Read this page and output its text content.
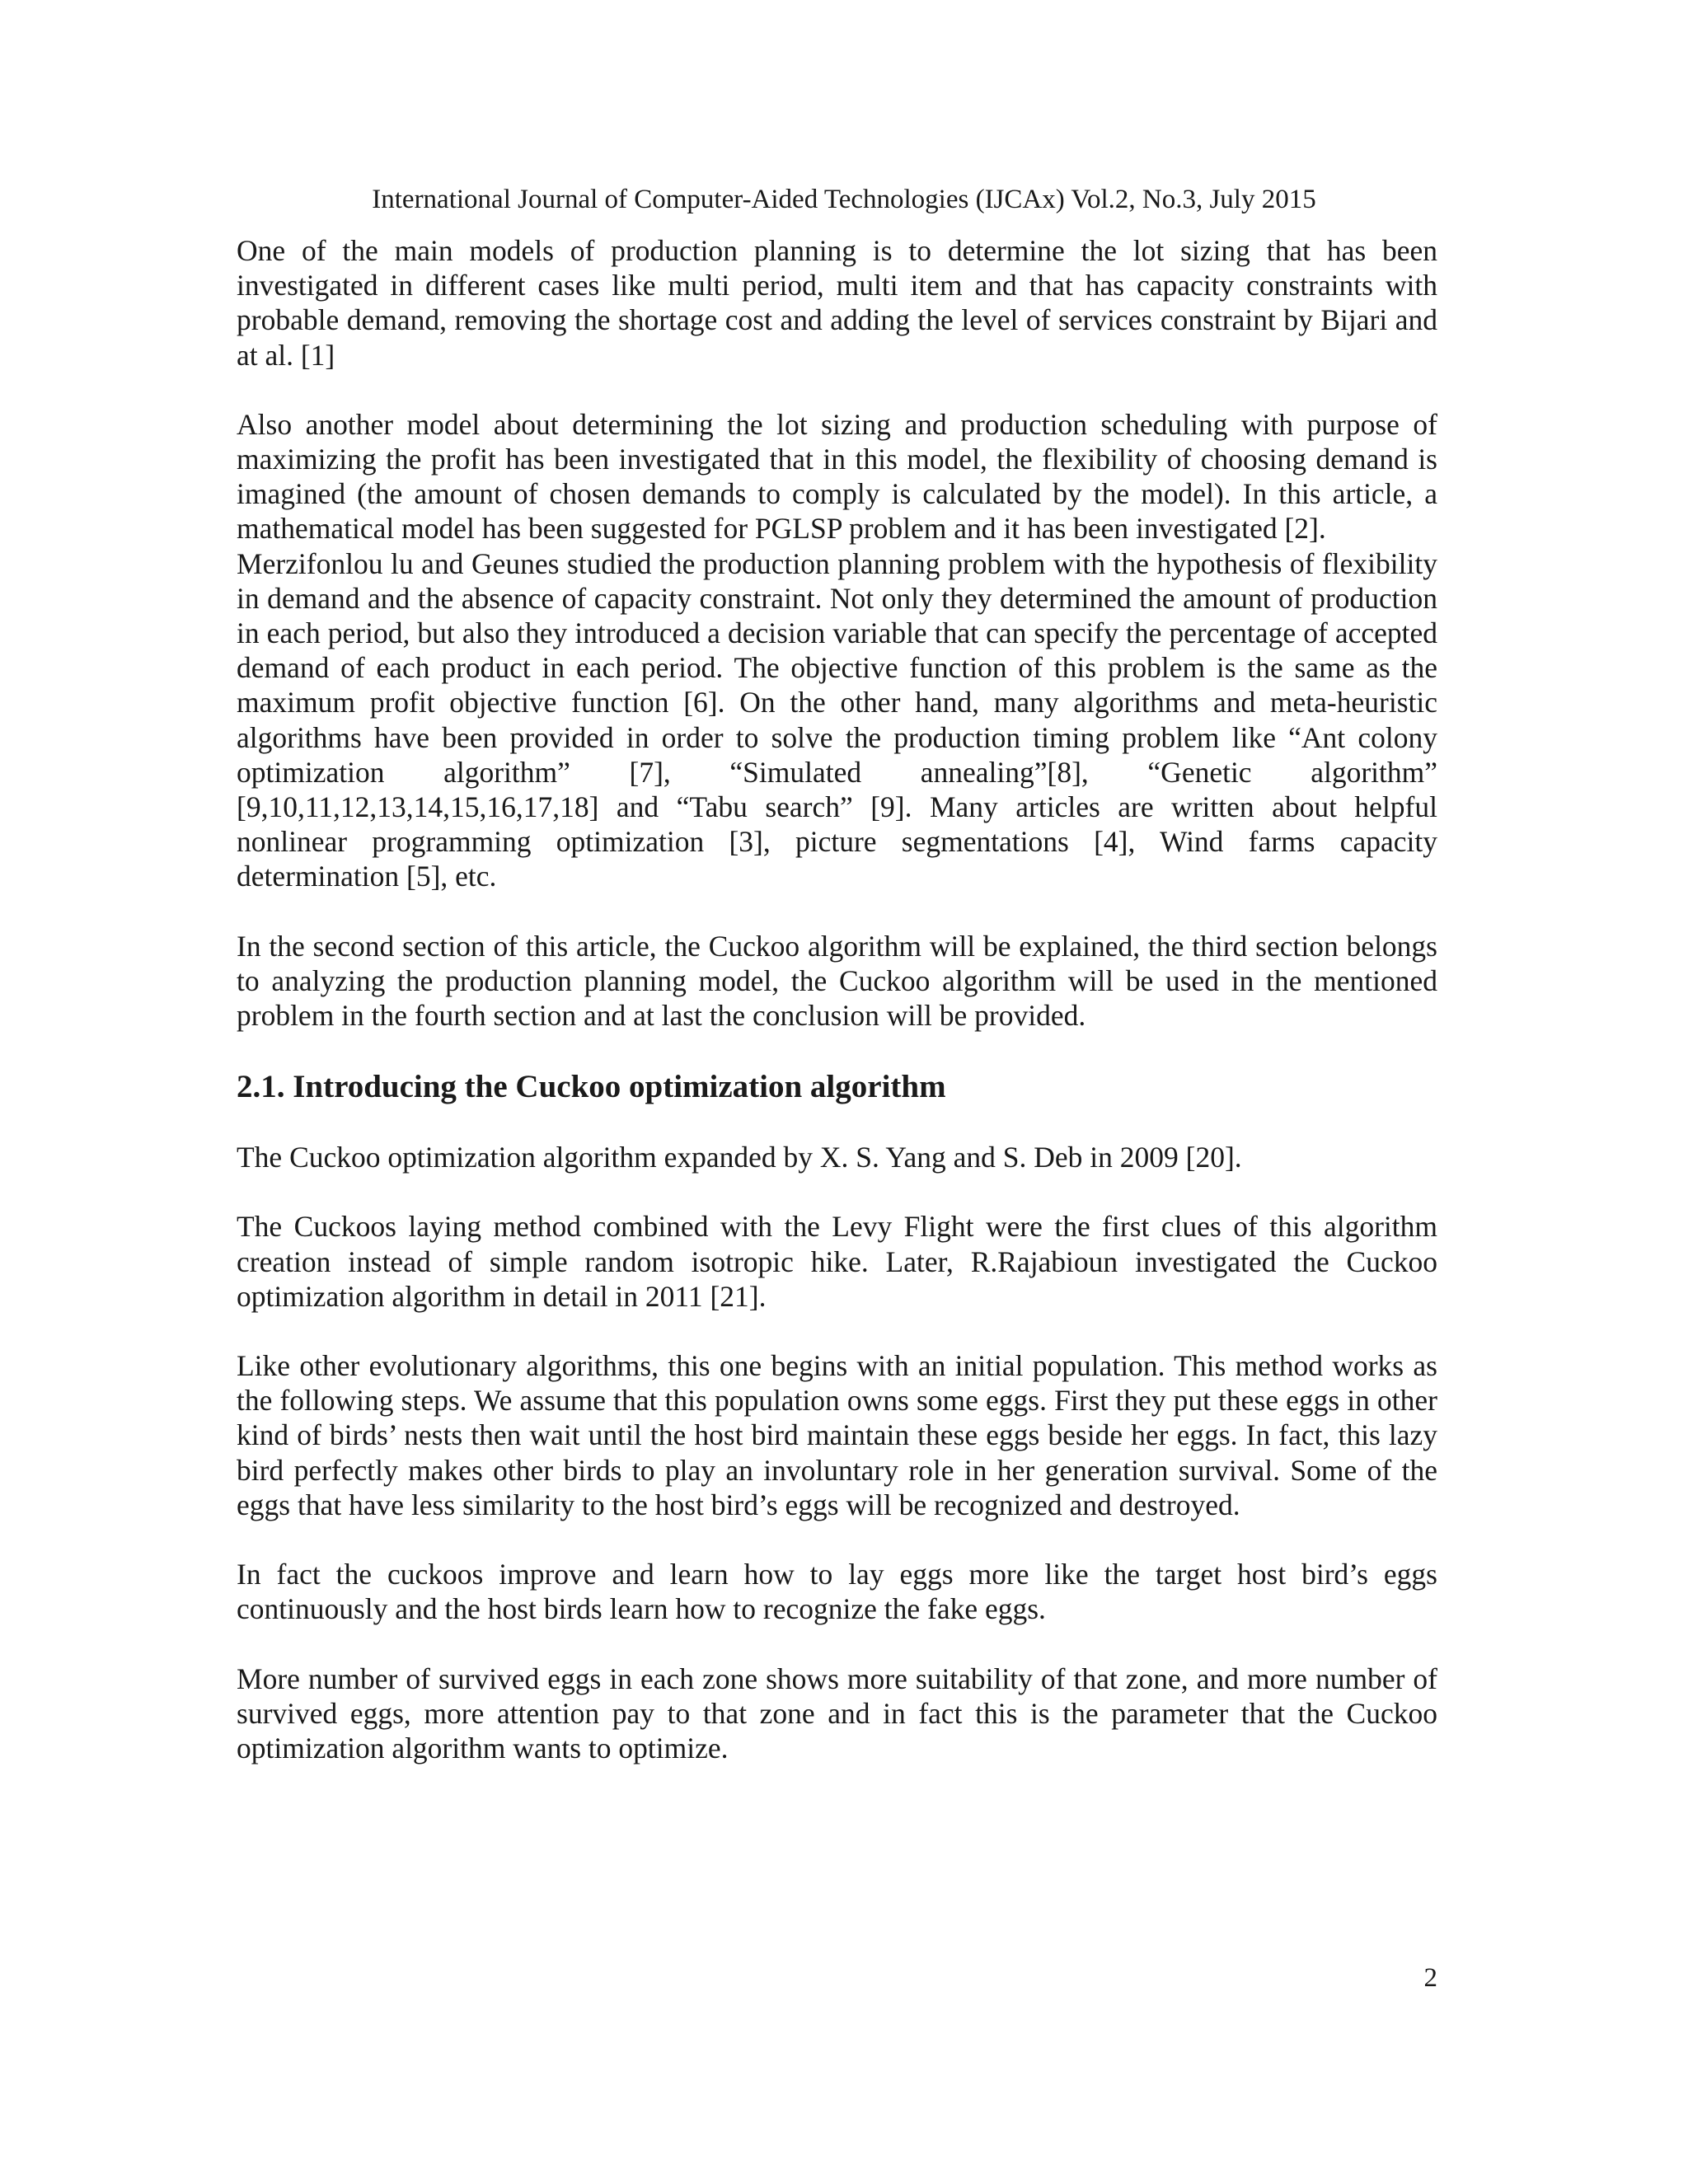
International Journal of Computer-Aided Technologies (IJCAx) Vol.2, No.3, July 2015

One of the main models of production planning is to determine the lot sizing that has been investigated in different cases like multi period, multi item and that has capacity constraints with probable demand, removing the shortage cost and adding the level of services constraint by Bijari and at al. [1]

Also another model about determining the lot sizing and production scheduling with purpose of maximizing the profit has been investigated that in this model, the flexibility of choosing demand is imagined (the amount of chosen demands to comply is calculated by the model). In this article, a mathematical model has been suggested for PGLSP problem and it has been investigated [2].

Merzifonlou lu and Geunes studied the production planning problem with the hypothesis of flexibility in demand and the absence of capacity constraint. Not only they determined the amount of production in each period, but also they introduced a decision variable that can specify the percentage of accepted demand of each product in each period. The objective function of this problem is the same as the maximum profit objective function [6]. On the other hand, many algorithms and meta-heuristic algorithms have been provided in order to solve the production timing problem like “Ant colony optimization algorithm” [7], “Simulated annealing”[8], “Genetic algorithm” [9,10,11,12,13,14,15,16,17,18] and “Tabu search” [9]. Many articles are written about helpful nonlinear programming optimization [3], picture segmentations [4], Wind farms capacity determination [5], etc.

In the second section of this article, the Cuckoo algorithm will be explained, the third section belongs to analyzing the production planning model, the Cuckoo algorithm will be used in the mentioned problem in the fourth section and at last the conclusion will be provided.

2.1. Introducing the Cuckoo optimization algorithm

The Cuckoo optimization algorithm expanded by X. S. Yang and S. Deb in 2009 [20].

The Cuckoos laying method combined with the Levy Flight were the first clues of this algorithm creation instead of simple random isotropic hike. Later, R.Rajabioun investigated the Cuckoo optimization algorithm in detail in 2011 [21].

Like other evolutionary algorithms, this one begins with an initial population. This method works as the following steps. We assume that this population owns some eggs. First they put these eggs in other kind of birds’ nests then wait until the host bird maintain these eggs beside her eggs. In fact, this lazy bird perfectly makes other birds to play an involuntary role in her generation survival. Some of the eggs that have less similarity to the host bird’s eggs will be recognized and destroyed.

In fact the cuckoos improve and learn how to lay eggs more like the target host bird’s eggs continuously and the host birds learn how to recognize the fake eggs.

More number of survived eggs in each zone shows more suitability of that zone, and more number of survived eggs, more attention pay to that zone and in fact this is the parameter that the Cuckoo optimization algorithm wants to optimize.

2
